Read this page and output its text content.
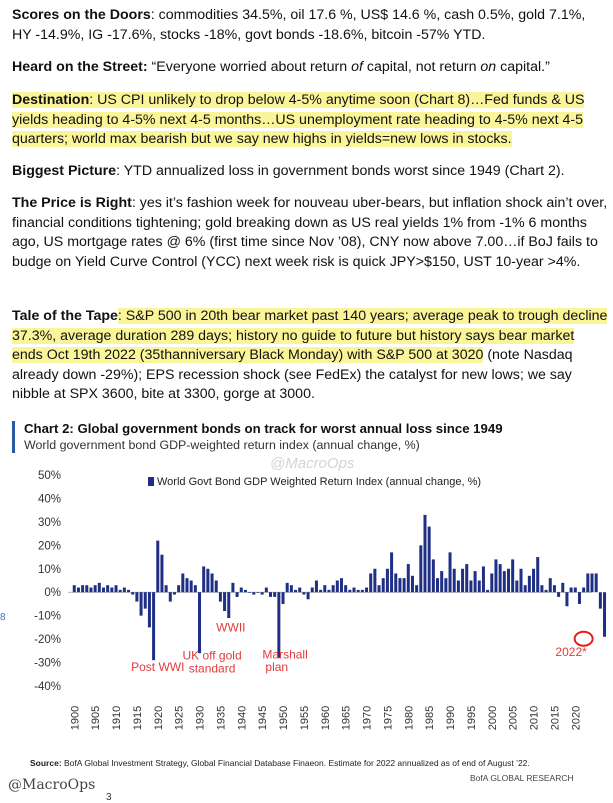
Scores on the Doors: commodities 34.5%, oil 17.6 %, US$ 14.6 %, cash 0.5%, gold 7.1%, HY -14.9%, IG -17.6%, stocks -18%, govt bonds -18.6%, bitcoin -57% YTD.
Heard on the Street: “Everyone worried about return of capital, not return on capital.”
Destination: US CPI unlikely to drop below 4-5% anytime soon (Chart 8)…Fed funds & US yields heading to 4-5% next 4-5 months…US unemployment rate heading to 4-5% next 4-5 quarters; world max bearish but we say new highs in yields=new lows in stocks.
Biggest Picture: YTD annualized loss in government bonds worst since 1949 (Chart 2).
The Price is Right: yes it’s fashion week for nouveau uber-bears, but inflation shock ain’t over, financial conditions tightening; gold breaking down as US real yields 1% from -1% 6 months ago, US mortgage rates @ 6% (first time since Nov ’08), CNY now above 7.00…if BoJ fails to budge on Yield Curve Control (YCC) next week risk is quick JPY>$150, UST 10-year >4%.
Tale of the Tape: S&P 500 in 20th bear market past 140 years; average peak to trough decline 37.3%, average duration 289 days; history no guide to future but history says bear market ends Oct 19th 2022 (35thanniversary Black Monday) with S&P 500 at 3020 (note Nasdaq already down -29%); EPS recession shock (see FedEx) the catalyst for new lows; we say nibble at SPX 3600, bite at 3300, gorge at 3000.
Chart 2: Global government bonds on track for worst annual loss since 1949
World government bond GDP-weighted return index (annual change, %)
50%
40%
30%
20%
10%
0%
-10%
-20%
-30%
-40%
1900 1905 1910 1915 1920 1925 1930 1935 1940 1945 1950 1955 1960 1965 1970 1975 1980 1985 1990 1995 2000 2005 2010 2015 2020
World Govt Bond GDP Weighted Return Index (annual change, %)
Post WWI
UK off gold
standard
WWII
Marshall
plan
2022*
@MacroOps
8
Source: BofA Global Investment Strategy, Global Financial Database Finaeon. Estimate for 2022 annualized as of end of August ’22.
BofA GLOBAL RESEARCH
@MacroOps
3
